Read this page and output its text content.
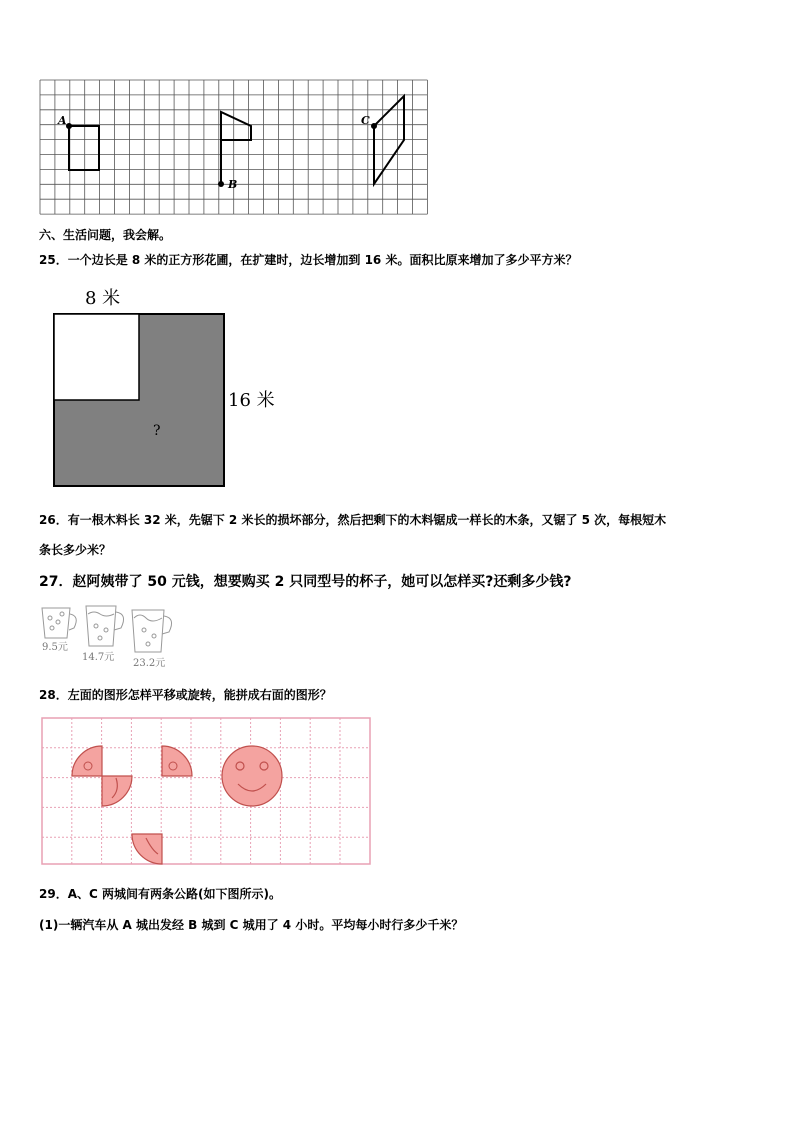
A
B
C
六、生活问题，我会解。
25．一个边长是 8 米的正方形花圃，在扩建时，边长增加到 16 米。面积比原来增加了多少平方米？
8 米
16 米
?
26．有一根木料长 32 米，先锯下 2 米长的损坏部分，然后把剩下的木料锯成一样长的木条，又锯了 5 次，每根短木
条长多少米？
27．赵阿姨带了 50 元钱，想要购买 2 只同型号的杯子，她可以怎样买?还剩多少钱?
9.5元
14.7元
23.2元
28．左面的图形怎样平移或旋转，能拼成右面的图形？
29．A、C 两城间有两条公路(如下图所示)。
(1)一辆汽车从 A 城出发经 B 城到 C 城用了 4 小时。平均每小时行多少千米？
